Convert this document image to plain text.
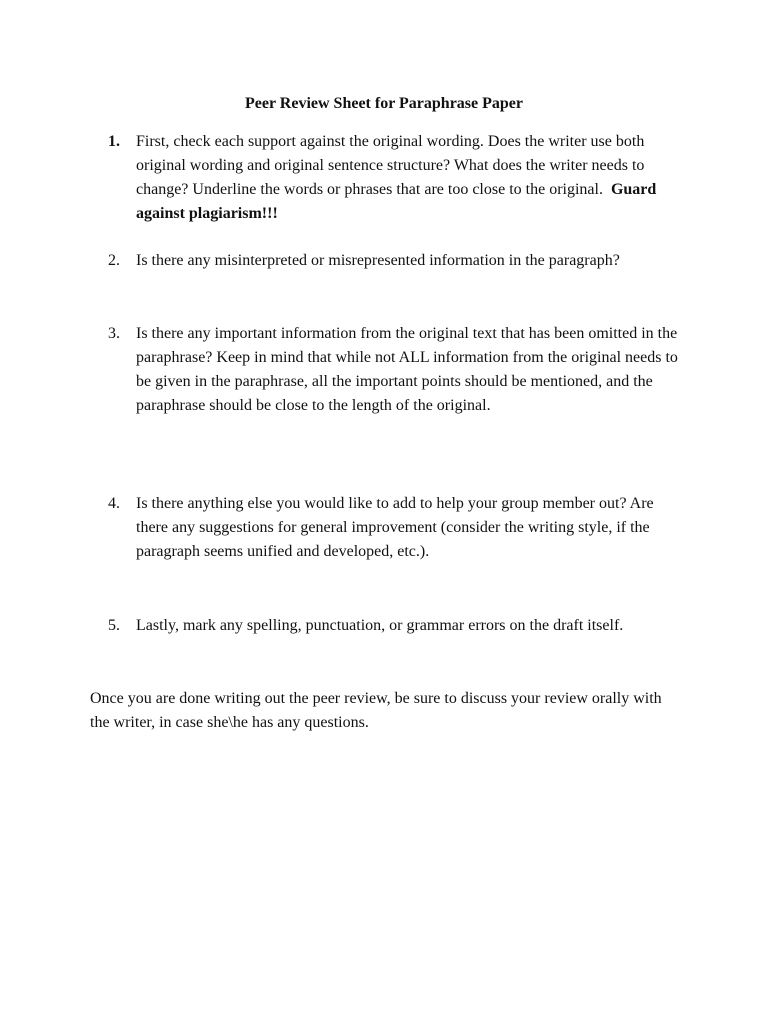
Peer Review Sheet for Paraphrase Paper
1.	First, check each support against the original wording. Does the writer use both original wording and original sentence structure? What does the writer needs to change? Underline the words or phrases that are too close to the original. Guard against plagiarism!!!
2.	Is there any misinterpreted or misrepresented information in the paragraph?
3.	Is there any important information from the original text that has been omitted in the paraphrase? Keep in mind that while not ALL information from the original needs to be given in the paraphrase, all the important points should be mentioned, and the paraphrase should be close to the length of the original.
4.	Is there anything else you would like to add to help your group member out? Are there any suggestions for general improvement (consider the writing style, if the paragraph seems unified and developed, etc.).
5.	Lastly, mark any spelling, punctuation, or grammar errors on the draft itself.
Once you are done writing out the peer review, be sure to discuss your review orally with the writer, in case she\he has any questions.
